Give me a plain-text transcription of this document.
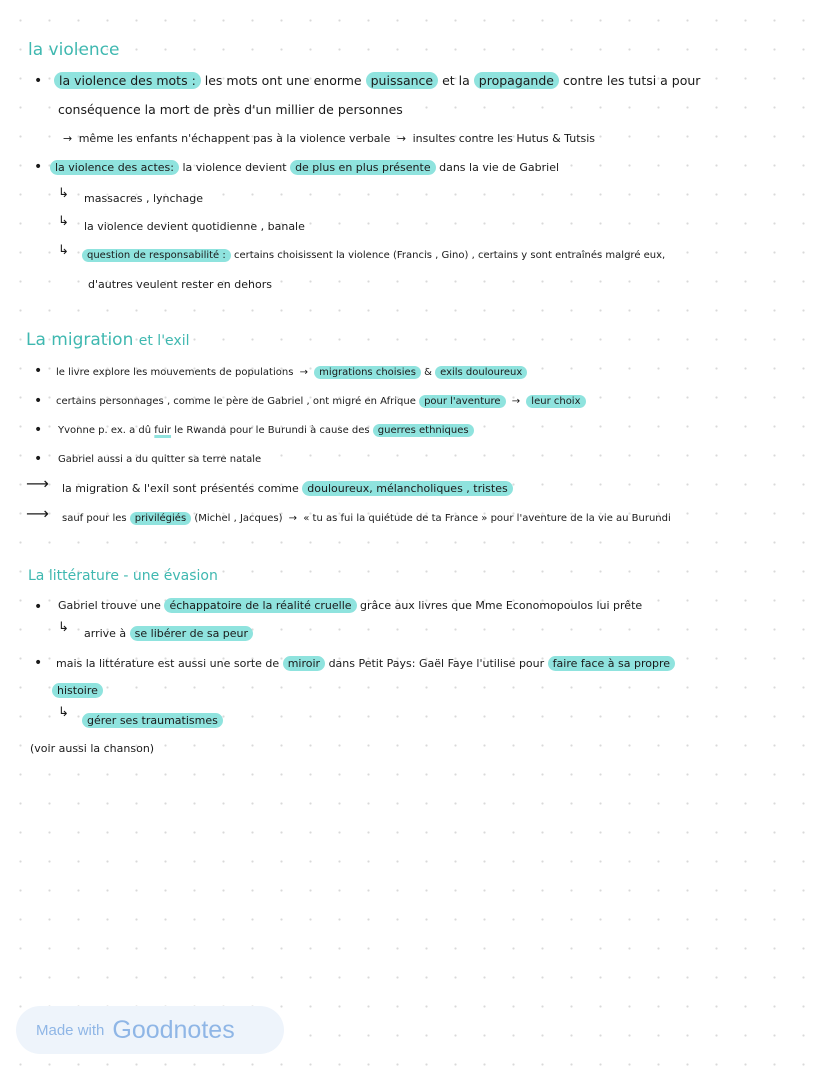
la violence
•	la violence des mots : les mots ont une enorme puissance et la propagande contre les tutsi a pour
conséquence la mort de près d'un millier de personnes
→ même les enfants n'échappent pas à la violence verbale → insultes contre les Hutus & Tutsis
•	la violence des actes: la violence devient de plus en plus présente dans la vie de Gabriel
↳ massacres , lynchage
↳ la violence devient quotidienne , banale
↳	question de responsabilité : certains choisissent la violence (Francis , Gino) , certains y sont entraînés malgré eux,
d'autres veulent rester en dehors
La migration et l'exil
• le livre explore les mouvements de populations → migrations choisies & exils douloureux
• certains personnages , comme le père de Gabriel , ont migré en Afrique pour l'aventure → leur choix
• Yvonne p. ex. a dû fuir le Rwanda pour le Burundi à cause des guerres ethniques
• Gabriel aussi a du quitter sa terre natale
⟶ la migration & l'exil sont présentés comme douloureux, mélancholiques , tristes
⟶ sauf pour les privilégiés (Michel , Jacques) → « tu as fui la quiétude de ta France » pour l'aventure de la vie au Burundi
La littérature - une évasion
• Gabriel trouve une échappatoire de la réalité cruelle grâce aux livres que Mme Economopoulos lui prête
↳ arrive à se libérer de sa peur
• mais la littérature est aussi une sorte de miroir dans Petit Pays: Gaël Faye l'utilise pour faire face à sa propre
histoire
↳
gérer ses traumatismes
(voir aussi la chanson)
Made with Goodnotes
